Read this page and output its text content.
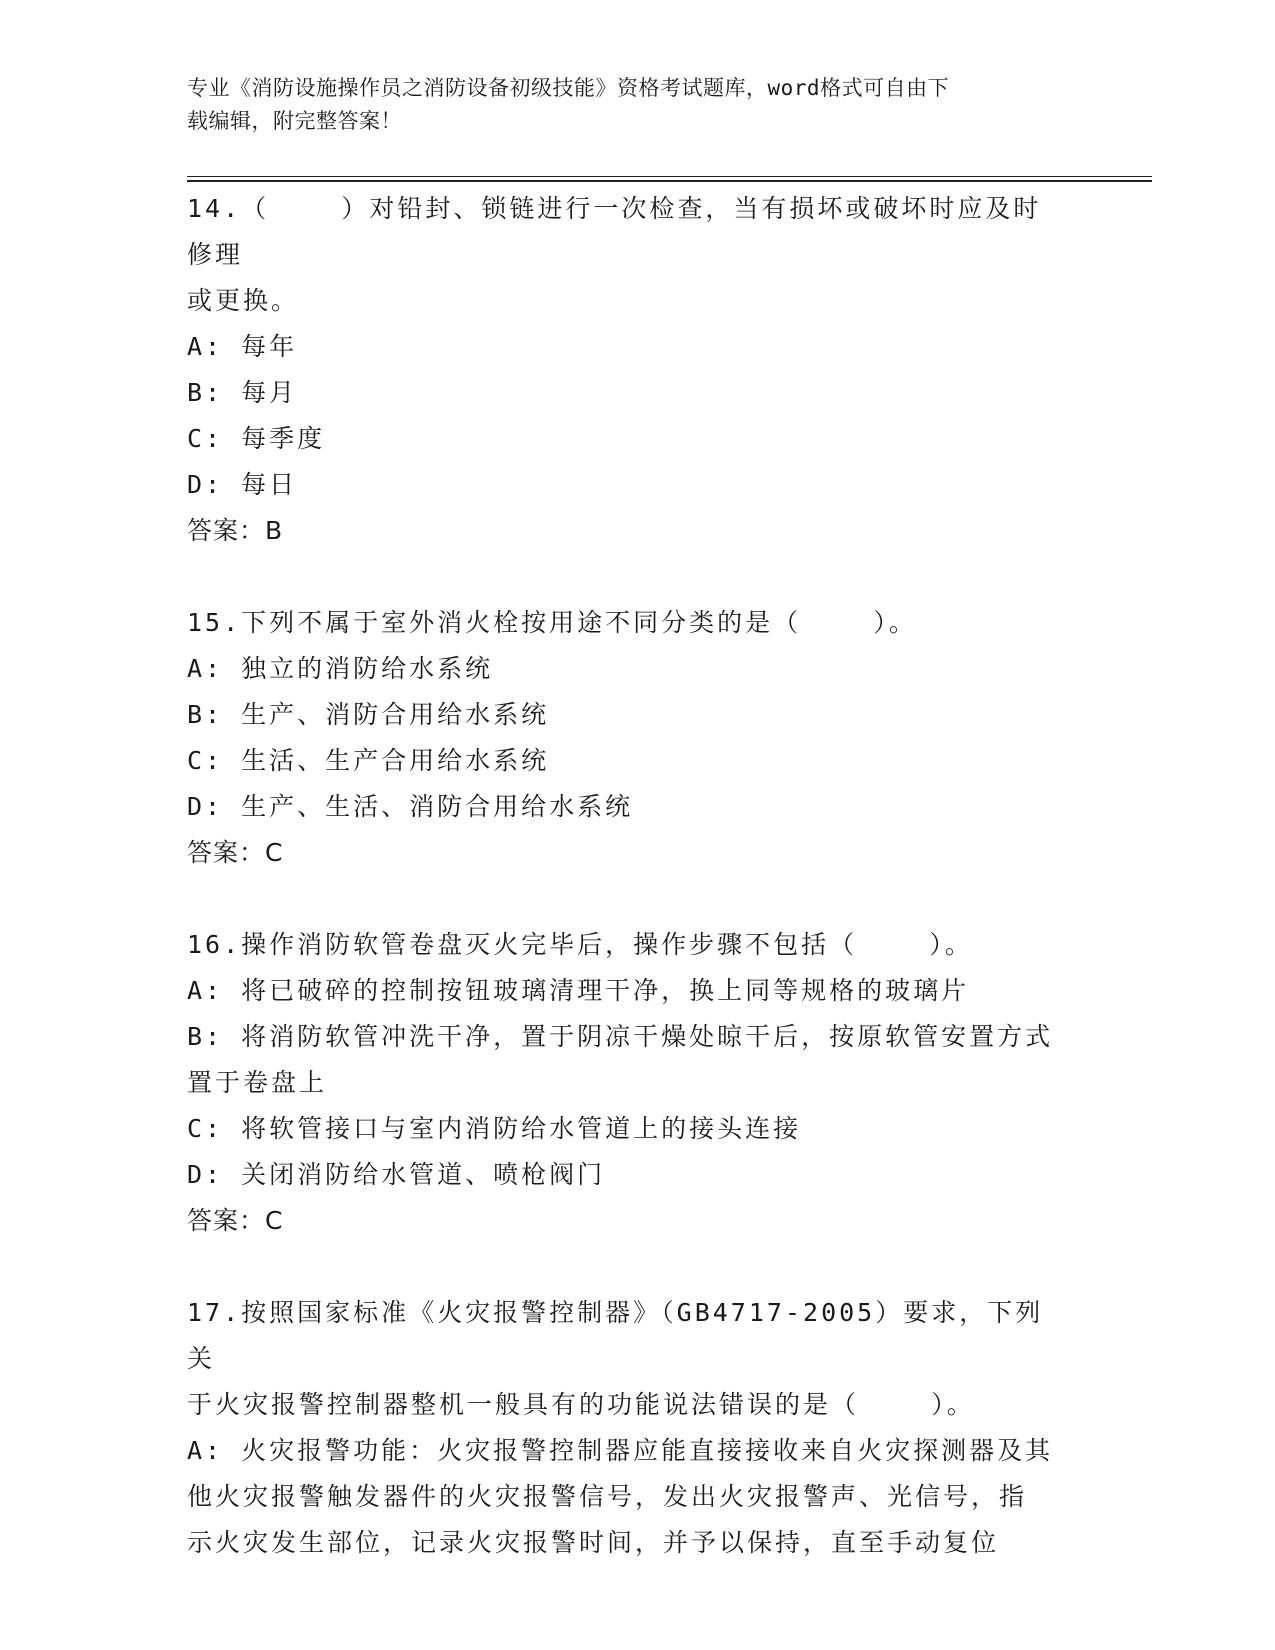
专业《消防设施操作员之消防设备初级技能》资格考试题库，word格式可自由下
载编辑，附完整答案！
14.（    ）对铅封、锁链进行一次检查，当有损坏或破坏时应及时修理
或更换。
A: 每年
B: 每月
C: 每季度
D: 每日
答案：B
15.下列不属于室外消火栓按用途不同分类的是（    ）。
A: 独立的消防给水系统
B: 生产、消防合用给水系统
C: 生活、生产合用给水系统
D: 生产、生活、消防合用给水系统
答案：C
16.操作消防软管卷盘灭火完毕后，操作步骤不包括（    ）。
A: 将已破碎的控制按钮玻璃清理干净，换上同等规格的玻璃片
B: 将消防软管冲洗干净，置于阴凉干燥处晾干后，按原软管安置方式
置于卷盘上
C: 将软管接口与室内消防给水管道上的接头连接
D: 关闭消防给水管道、喷枪阀门
答案：C
17.按照国家标准《火灾报警控制器》（GB4717-2005）要求，下列关
于火灾报警控制器整机一般具有的功能说法错误的是（    ）。
A: 火灾报警功能：火灾报警控制器应能直接接收来自火灾探测器及其
他火灾报警触发器件的火灾报警信号，发出火灾报警声、光信号，指
示火灾发生部位，记录火灾报警时间，并予以保持，直至手动复位
